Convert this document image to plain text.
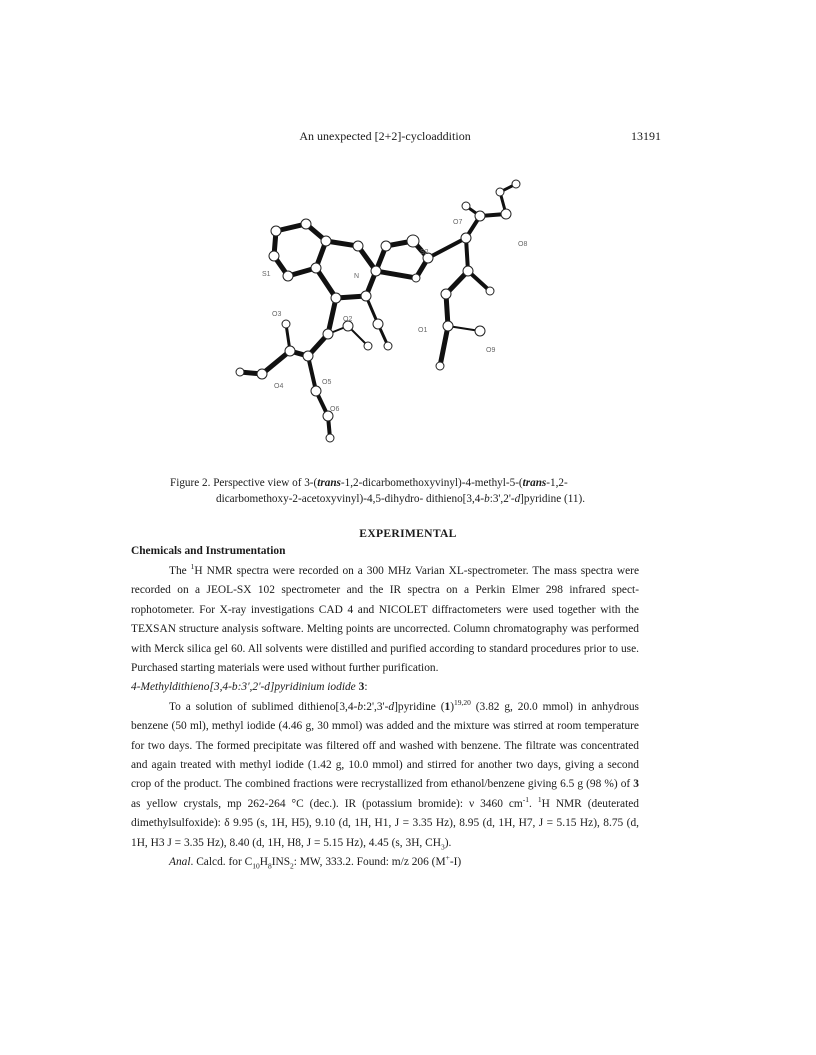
An unexpected [2+2]-cycloaddition	13191
O7
O8
S2
S1	N
O2
O3
O4
O5
O6
O9
O1
Figure 2. Perspective view of 3-(trans-1,2-dicarbomethoxyvinyl)-4-methyl-5-(trans-1,2-
dicarbomethoxy-2-acetoxyvinyl)-4,5-dihydro- dithieno[3,4-b:3',2'-d]pyridine (11).
EXPERIMENTAL
Chemicals and Instrumentation

The $^1$H NMR spectra were recorded on a 300 MHz Varian XL-spectrometer. The mass spectra were recorded on a JEOL-SX 102 spectrometer and the IR spectra on a Perkin Elmer 298 infrared spect-rophotometer. For X-ray investigations CAD 4 and NICOLET diffractometers were used together with the TEXSAN structure analysis software. Melting points are uncorrected. Column chromatography was performed with Merck silica gel 60. All solvents were distilled and purified according to standard procedures prior to use. Purchased starting materials were used without further purification.

4-Methyldithieno[3,4-b:3',2'-d]pyridinium iodide 3:

To a solution of sublimed dithieno[3,4-b:2',3'-d]pyridine $(1)^{19,20}$ (3.82 g, 20.0 mmol) in anhydrous benzene (50 ml), methyl iodide (4.46 g, 30 mmol) was added and the mixture was stirred at room temperature for two days. The formed precipitate was filtered off and washed with benzene. The filtrate was concentrated and again treated with methyl iodide (1.42 g, 10.0 mmol) and stirred for another two days, giving a second crop of the product. The combined fractions were recrystallized from ethanol/benzene giving 6.5 g (98 %) of 3 as yellow crystals, mp 262-264 °C (dec.). IR (potassium bromide): ν 3460 $cm^{-1}$. $^1$H NMR (deuterated dimethylsulfoxide): δ 9.95 (s, 1H, H5), 9.10 (d, 1H, H1, J = 3.35 Hz), 8.95 (d, 1H, H7, J = 5.15 Hz), 8.75 (d, 1H, H3 J = 3.35 Hz), 8.40 (d, 1H, H8, J = 5.15 Hz), 4.45 (s, 3H, $CH_3$).

Anal. Calcd. for $C_{10}H_8INS_2$: MW, 333.2. Found: m/z 206 (M+-I)
